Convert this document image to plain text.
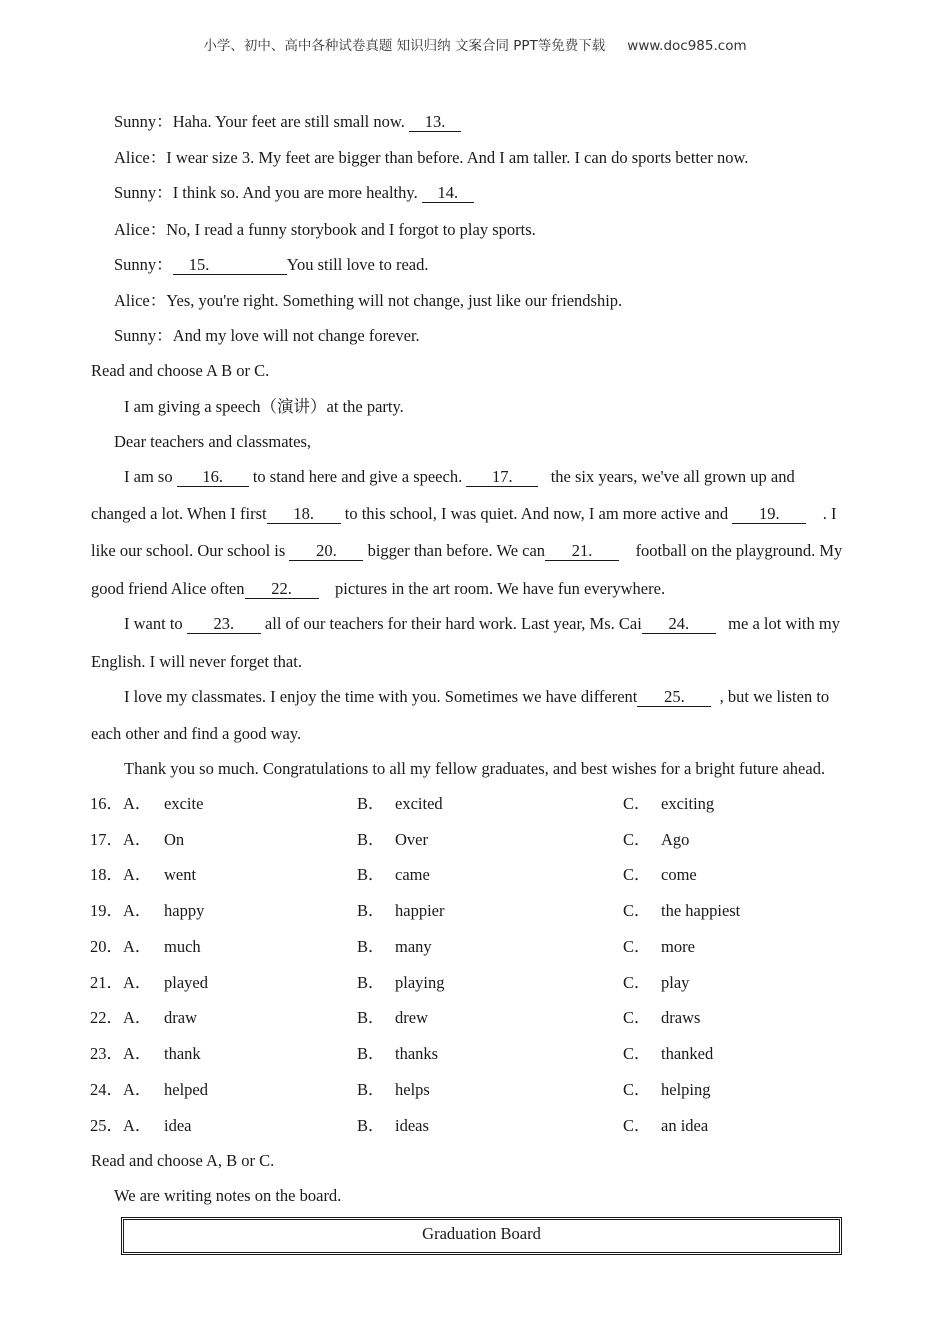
小学、初中、高中各种试卷真题 知识归纳 文案合同 PPT等免费下载 www.doc985.com
Sunny：Haha. Your feet are still small now. 13.
Alice：I wear size 3. My feet are bigger than before. And I am taller. I can do sports better now.
Sunny：I think so. And you are more healthy. 14.
Alice：No, I read a funny storybook and I forgot to play sports.
Sunny： 15.	You still love to read.
Alice：Yes, you're right. Something will not change, just like our friendship.
Sunny：And my love will not change forever.
Read and choose A B or C.
I am giving a speech（演讲）at the party.
Dear teachers and classmates,
I am so 16. to stand here and give a speech. 17. the six years, we've all grown up and
changed a lot. When I first 18. to this school, I was quiet. And now, I am more active and 19.	. I
like our school. Our school is 20. bigger than before. We can 21.	football on the playground. My
good friend Alice often 22.	pictures in the art room. We have fun everywhere.
I want to 23. all of our teachers for their hard work. Last year, Ms. Cai 24. me a lot with my
English. I will never forget that.
I love my classmates. I enjoy the time with you. Sometimes we have different 25. , but we listen to
each other and find a good way.
Thank you so much. Congratulations to all my fellow graduates, and best wishes for a bright future ahead.
16．A． excite	B． excited	C． exciting
17．A． On	B． Over	C． Ago
18．A． went	B． came	C． come
19．A． happy	B． happier	C． the happiest
20．A． much	B． many	C． more
21．A． played	B． playing	C． play
22．A． draw	B． drew	C． draws
23．A． thank	B． thanks	C． thanked
24．A． helped	B． helps	C． helping
25．A． idea	B． ideas	C． an idea
Read and choose A, B or C.
We are writing notes on the board.
Graduation Board
